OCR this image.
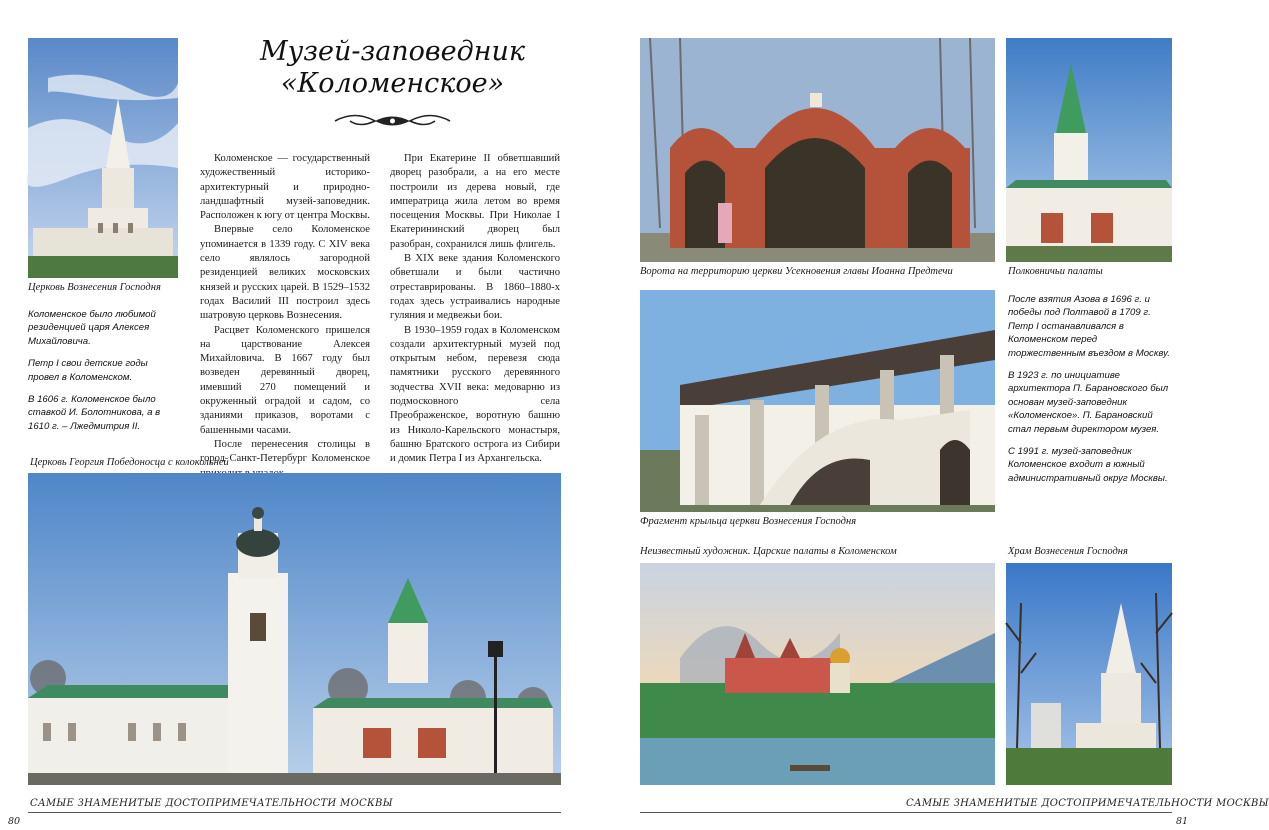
Церковь Вознесения Господня

Коломенское было любимой резиденцией царя Алексея Михайловича.

Петр I свои детские годы провел в Коломенском.

В 1606 г. Коломенское было ставкой И. Болотникова, а в 1610 г. – Лжедмитрия II.

Музей-заповедник
«Коломенское»

Коломенское — государственный художественный историко-архитектурный и природно-ландшафтный музей-заповедник. Расположен к югу от центра Москвы.

Впервые село Коломенское упоминается в 1339 году. С XIV века село являлось загородной резиденцией великих московских князей и русских царей. В 1529–1532 годах Василий III построил здесь шатровую церковь Вознесения.

Расцвет Коломенского пришелся на царствование Алексея Михайловича. В 1667 году был возведен деревянный дворец, имевший 270 помещений и окруженный оградой и садом, со зданиями приказов, воротами с башенными часами.

После перенесения столицы в город Санкт-Петербург Коломенское

При Екатерине II обветшавший дворец разобрали, а на его месте построили из дерева новый, где императрица жила летом во время посещения Москвы. При Николае I Екатерининский дворец был разобран, сохранился лишь флигель.

В XIX веке здания Коломенского обветшали и были частично отреставрированы. В 1860–1880-х годах здесь устраивались народные гуляния и медвежьи бои.

В 1930–1959 годах в Коломенском создали архитектурный музей под открытым небом, перевезя сюда памятники русского деревянного зодчества XVII века: медоварню из подмосковного села Преображенское, воротную башню из Николо-Карельского монастыря, башню Братского острога из Сибири и домик Петра I из Архангельска.

Церковь Георгия Победоносца с колокольней
САМЫЕ ЗНАМЕНИТЫЕ ДОСТОПРИМЕЧАТЕЛЬНОСТИ МОСКВЫ
80
Ворота на территорию церкви Усекновения главы Иоанна Предтечи	Полковничьи палаты
Фрагмент крыльца церкви Вознесения Господня

После взятия Азова в 1696 г. и победы под Полтавой в 1709 г. Петр I останавливался в Коломенском перед торжественным въездом в Москву.

В 1923 г. по инициативе архитектора П. Барановского был основан музей-заповедник «Коломенское». П. Барановский стал первым директором музея.

С 1991 г. музей-заповедник Коломенское входит в южный административный округ Москвы.

Неизвестный художник. Царские палаты в Коломенском	Храм Вознесения Господня
САМЫЕ ЗНАМЕНИТЫЕ ДОСТОПРИМЕЧАТЕЛЬНОСТИ МОСКВЫ
81
